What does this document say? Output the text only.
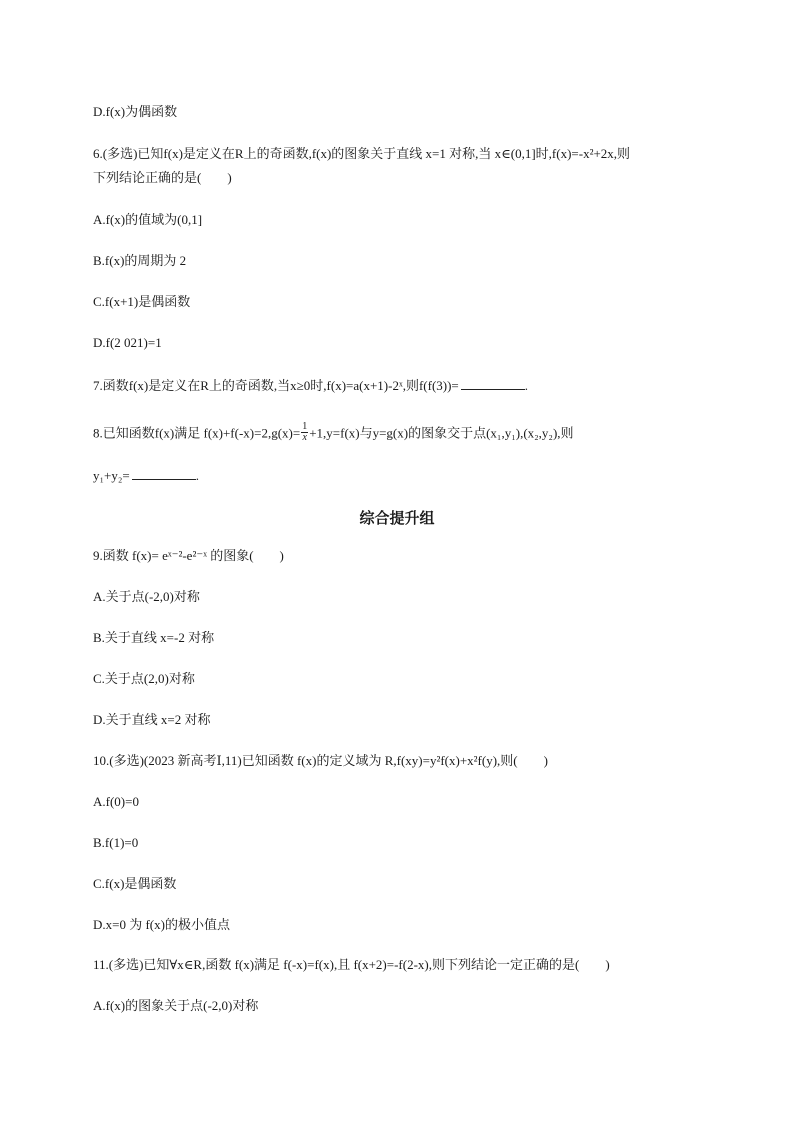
D.f(x)为偶函数
6.(多选)已知f(x)是定义在R上的奇函数,f(x)的图象关于直线 x=1 对称,当 x∈(0,1]时,f(x)=-x²+2x,则
下列结论正确的是(　　)
A.f(x)的值域为(0,1]
B.f(x)的周期为 2
C.f(x+1)是偶函数
D.f(2 021)=1
7.函数f(x)是定义在R上的奇函数,当x≥0时,f(x)=a(x+1)-2ˣ,则f(f(3))=	.
8.已知函数f(x)满足 $f(x)+f(-x)=2,g(x)= \frac{1}{x} +1,y=f(x)$与y=g(x)的图象交于点(x₁,y₁),(x₂,y₂),则
y₁+y₂=	.
综合提升组
9.函数 f(x)= eˣ⁻²-e²⁻ˣ 的图象(　　)
A.关于点(-2,0)对称
B.关于直线 x=-2 对称
C.关于点(2,0)对称
D.关于直线 x=2 对称
10.(多选)(2023 新高考Ⅰ,11)已知函数 f(x)的定义域为 R,f(xy)=y²f(x)+x²f(y),则(　　)
A.f(0)=0
B.f(1)=0
C.f(x)是偶函数
D.x=0 为 f(x)的极小值点
11.(多选)已知∀x∈R,函数 f(x)满足 f(-x)=f(x),且 f(x+2)=-f(2-x),则下列结论一定正确的是(　　)
A.f(x)的图象关于点(-2,0)对称
